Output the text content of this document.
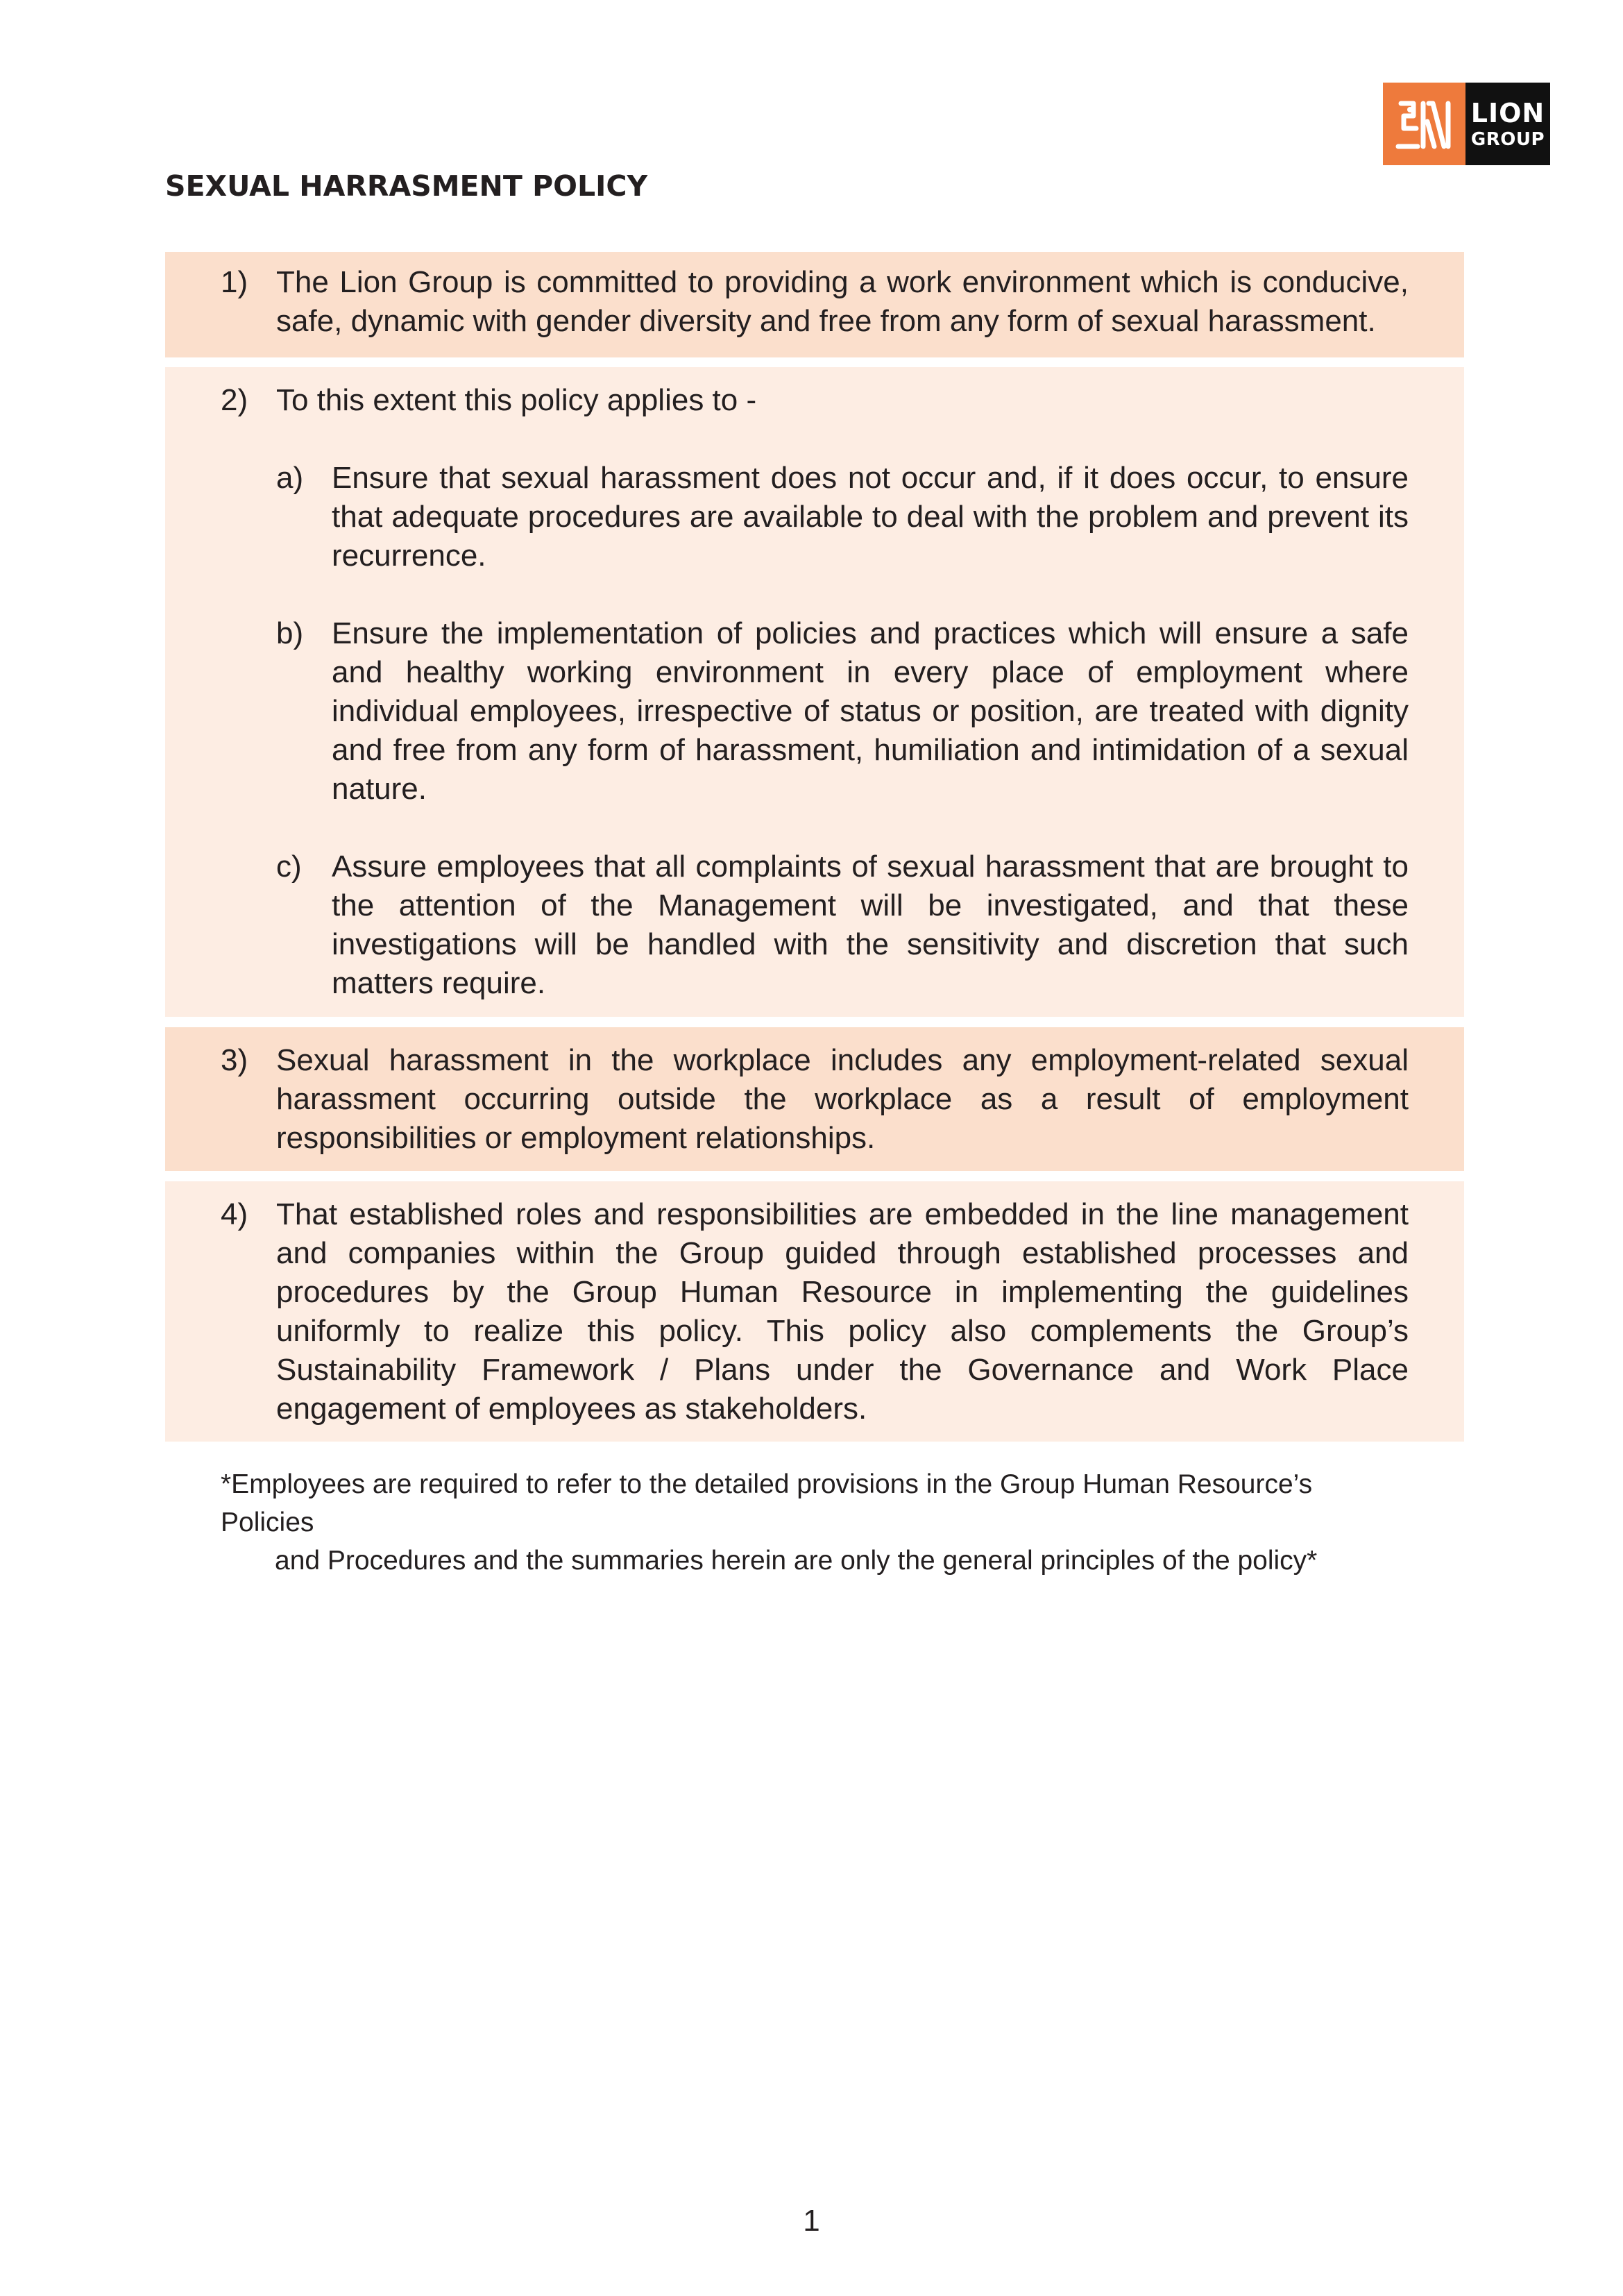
LION
GROUP
SEXUAL HARRASMENT POLICY
1) The Lion Group is committed to providing a work environment which is conducive, safe, dynamic with gender diversity and free from any form of sexual harassment.
2) To this extent this policy applies to -
a) Ensure that sexual harassment does not occur and, if it does occur, to ensure that adequate procedures are available to deal with the problem and prevent its recurrence.
b) Ensure the implementation of policies and practices which will ensure a safe and healthy working environment in every place of employment where individual employees, irrespective of status or position, are treated with dignity and free from any form of harassment, humiliation and intimidation of a sexual nature.
c) Assure employees that all complaints of sexual harassment that are brought to the attention of the Management will be investigated, and that these investigations will be handled with the sensitivity and discretion that such matters require.
3) Sexual harassment in the workplace includes any employment-related sexual harassment occurring outside the workplace as a result of employment responsibilities or employment relationships.
4) That established roles and responsibilities are embedded in the line management and companies within the Group guided through established processes and procedures by the Group Human Resource in implementing the guidelines uniformly to realize this policy. This policy also complements the Group’s Sustainability Framework / Plans under the Governance and Work Place engagement of employees as stakeholders.

*Employees are required to refer to the detailed provisions in the Group Human Resource’s Policies
and Procedures and the summaries herein are only the general principles of the policy*

1
